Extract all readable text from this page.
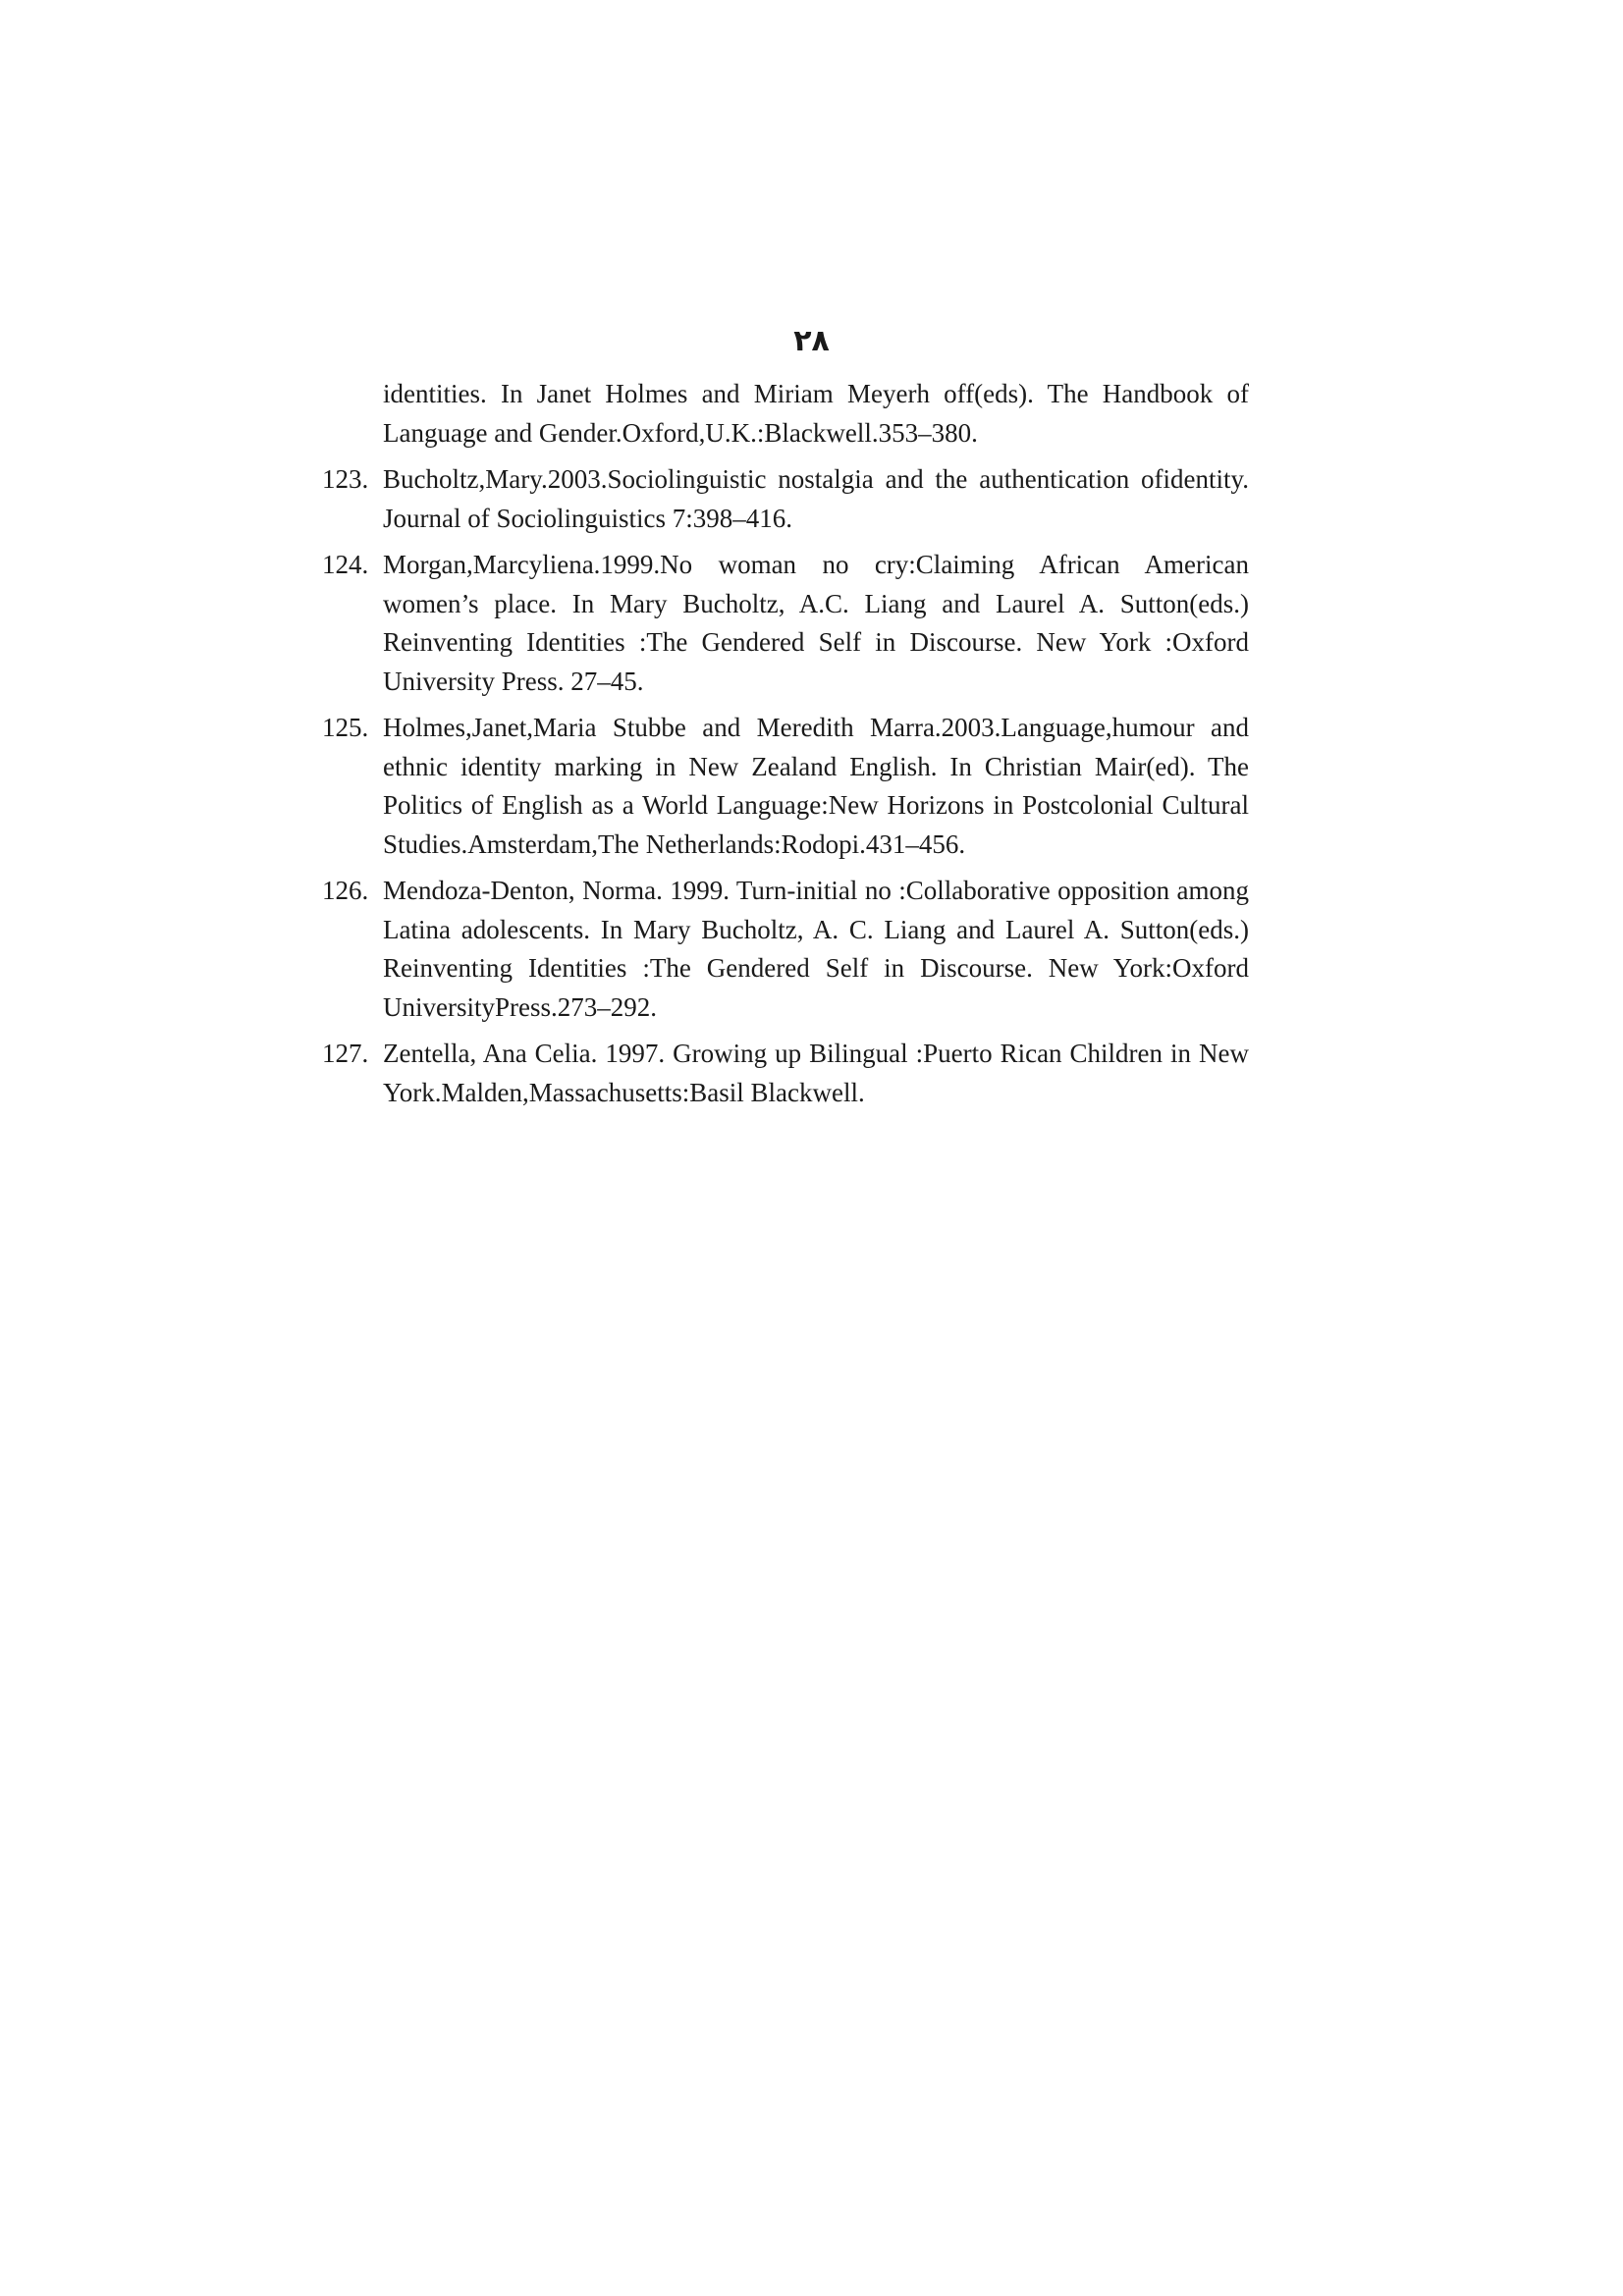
۲۸
identities. In Janet Holmes and Miriam Meyerh off(eds). The Handbook of Language and Gender.Oxford,U.K.:Blackwell.353–380.
123. Bucholtz,Mary.2003.Sociolinguistic nostalgia and the authentication ofidentity. Journal of Sociolinguistics 7:398–416.
124. Morgan,Marcyliena.1999.No woman no cry:Claiming African American women’s place. In Mary Bucholtz, A.C. Liang and Laurel A. Sutton(eds.) Reinventing Identities :The Gendered Self in Discourse. New York :Oxford University Press. 27–45.
125. Holmes,Janet,Maria Stubbe and Meredith Marra.2003.Language,humour and ethnic identity marking in New Zealand English. In Christian Mair(ed). The Politics of English as a World Language:New Horizons in Postcolonial Cultural Studies.Amsterdam,The Netherlands:Rodopi.431–456.
126. Mendoza-Denton, Norma. 1999. Turn-initial no :Collaborative opposition among Latina adolescents. In Mary Bucholtz, A. C. Liang and Laurel A. Sutton(eds.) Reinventing Identities :The Gendered Self in Discourse. New York:Oxford UniversityPress.273–292.
127. Zentella, Ana Celia. 1997. Growing up Bilingual :Puerto Rican Children in New York.Malden,Massachusetts:Basil Blackwell.
